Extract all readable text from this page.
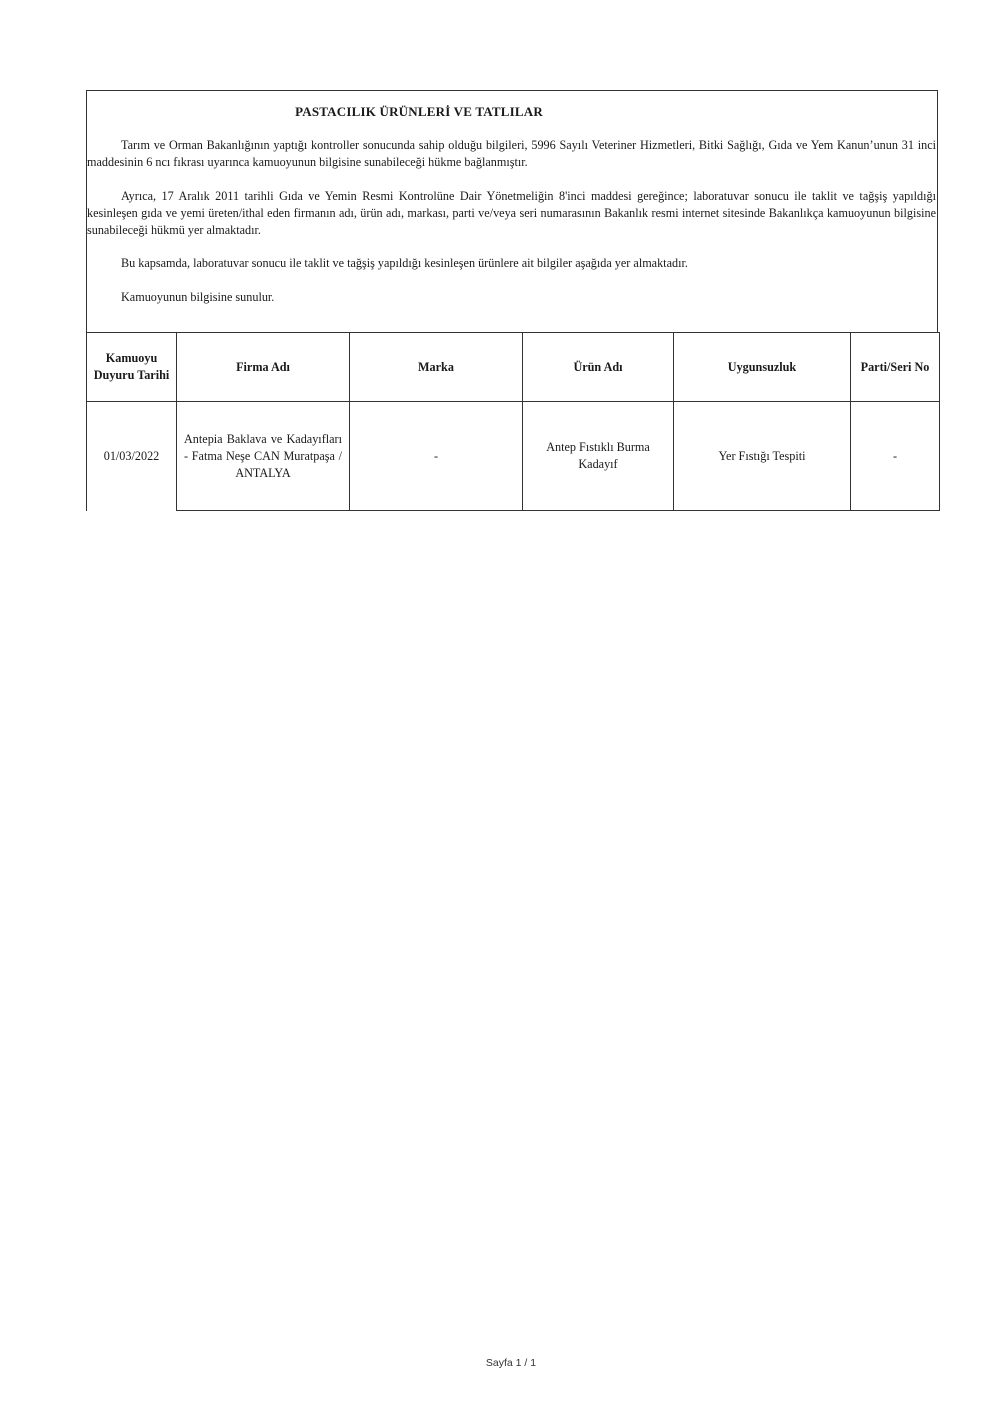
PASTACILIK ÜRÜNLERİ VE TATLILAR
Tarım ve Orman Bakanlığının yaptığı kontroller sonucunda sahip olduğu bilgileri, 5996 Sayılı Veteriner Hizmetleri, Bitki Sağlığı, Gıda ve Yem Kanun’unun 31 inci maddesinin 6 ncı fıkrası uyarınca kamuoyunun bilgisine sunabileceği hükme bağlanmıştır.
Ayrıca, 17 Aralık 2011 tarihli Gıda ve Yemin Resmi Kontrolüne Dair Yönetmeliğin 8'inci maddesi gereğince; laboratuvar sonucu ile taklit ve tağşiş yapıldığı kesinleşen gıda ve yemi üreten/ithal eden firmanın adı, ürün adı, markası, parti ve/veya seri numarasının Bakanlık resmi internet sitesinde Bakanlıkça kamuoyunun bilgisine sunabileceği hükmü yer almaktadır.
Bu kapsamda, laboratuvar sonucu ile taklit ve tağşiş yapıldığı kesinleşen ürünlere ait bilgiler aşağıda yer almaktadır.
Kamuoyunun bilgisine sunulur.
Kamuoyu Duyuru Tarihi	Firma Adı	Marka	Ürün Adı	Uygunsuzluk	Parti/Seri No
01/03/2022	Antepia Baklava ve Kadayıfları - Fatma Neşe CAN Muratpaşa / ANTALYA	-	Antep Fıstıklı Burma Kadayıf	Yer Fıstığı Tespiti	-
Sayfa 1 / 1
